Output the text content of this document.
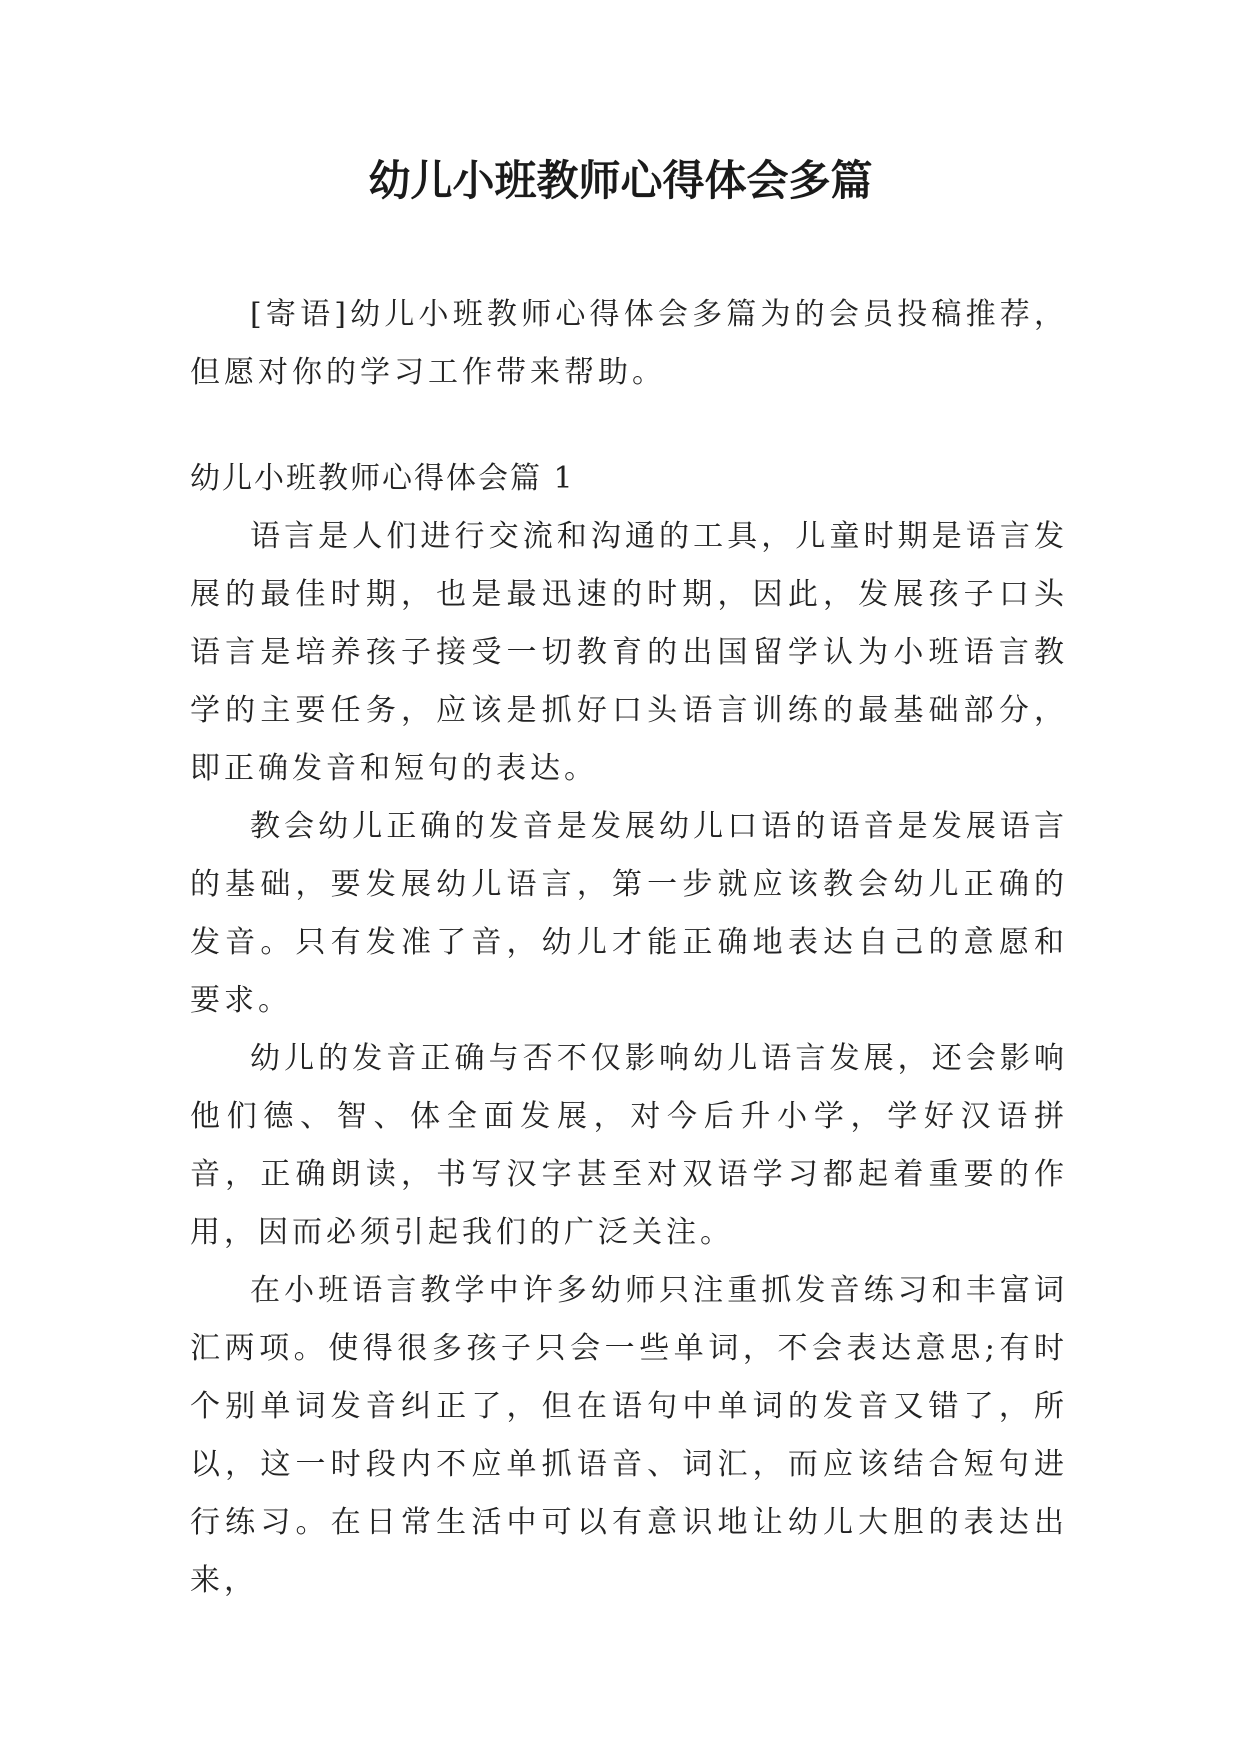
幼儿小班教师心得体会多篇

[寄语]幼儿小班教师心得体会多篇为的会员投稿推荐，但愿对你的学习工作带来帮助。

幼儿小班教师心得体会篇 1

语言是人们进行交流和沟通的工具，儿童时期是语言发展的最佳时期，也是最迅速的时期，因此，发展孩子口头语言是培养孩子接受一切教育的出国留学认为小班语言教学的主要任务，应该是抓好口头语言训练的最基础部分，即正确发音和短句的表达。

教会幼儿正确的发音是发展幼儿口语的语音是发展语言的基础，要发展幼儿语言，第一步就应该教会幼儿正确的发音。只有发准了音，幼儿才能正确地表达自己的意愿和要求。

幼儿的发音正确与否不仅影响幼儿语言发展，还会影响他们德、智、体全面发展，对今后升小学，学好汉语拼音，正确朗读，书写汉字甚至对双语学习都起着重要的作用，因而必须引起我们的广泛关注。

在小班语言教学中许多幼师只注重抓发音练习和丰富词汇两项。使得很多孩子只会一些单词，不会表达意思;有时个别单词发音纠正了，但在语句中单词的发音又错了，所以，这一时段内不应单抓语音、词汇，而应该结合短句进行练习。在日常生活中可以有意识地让幼儿大胆的表达出来，
